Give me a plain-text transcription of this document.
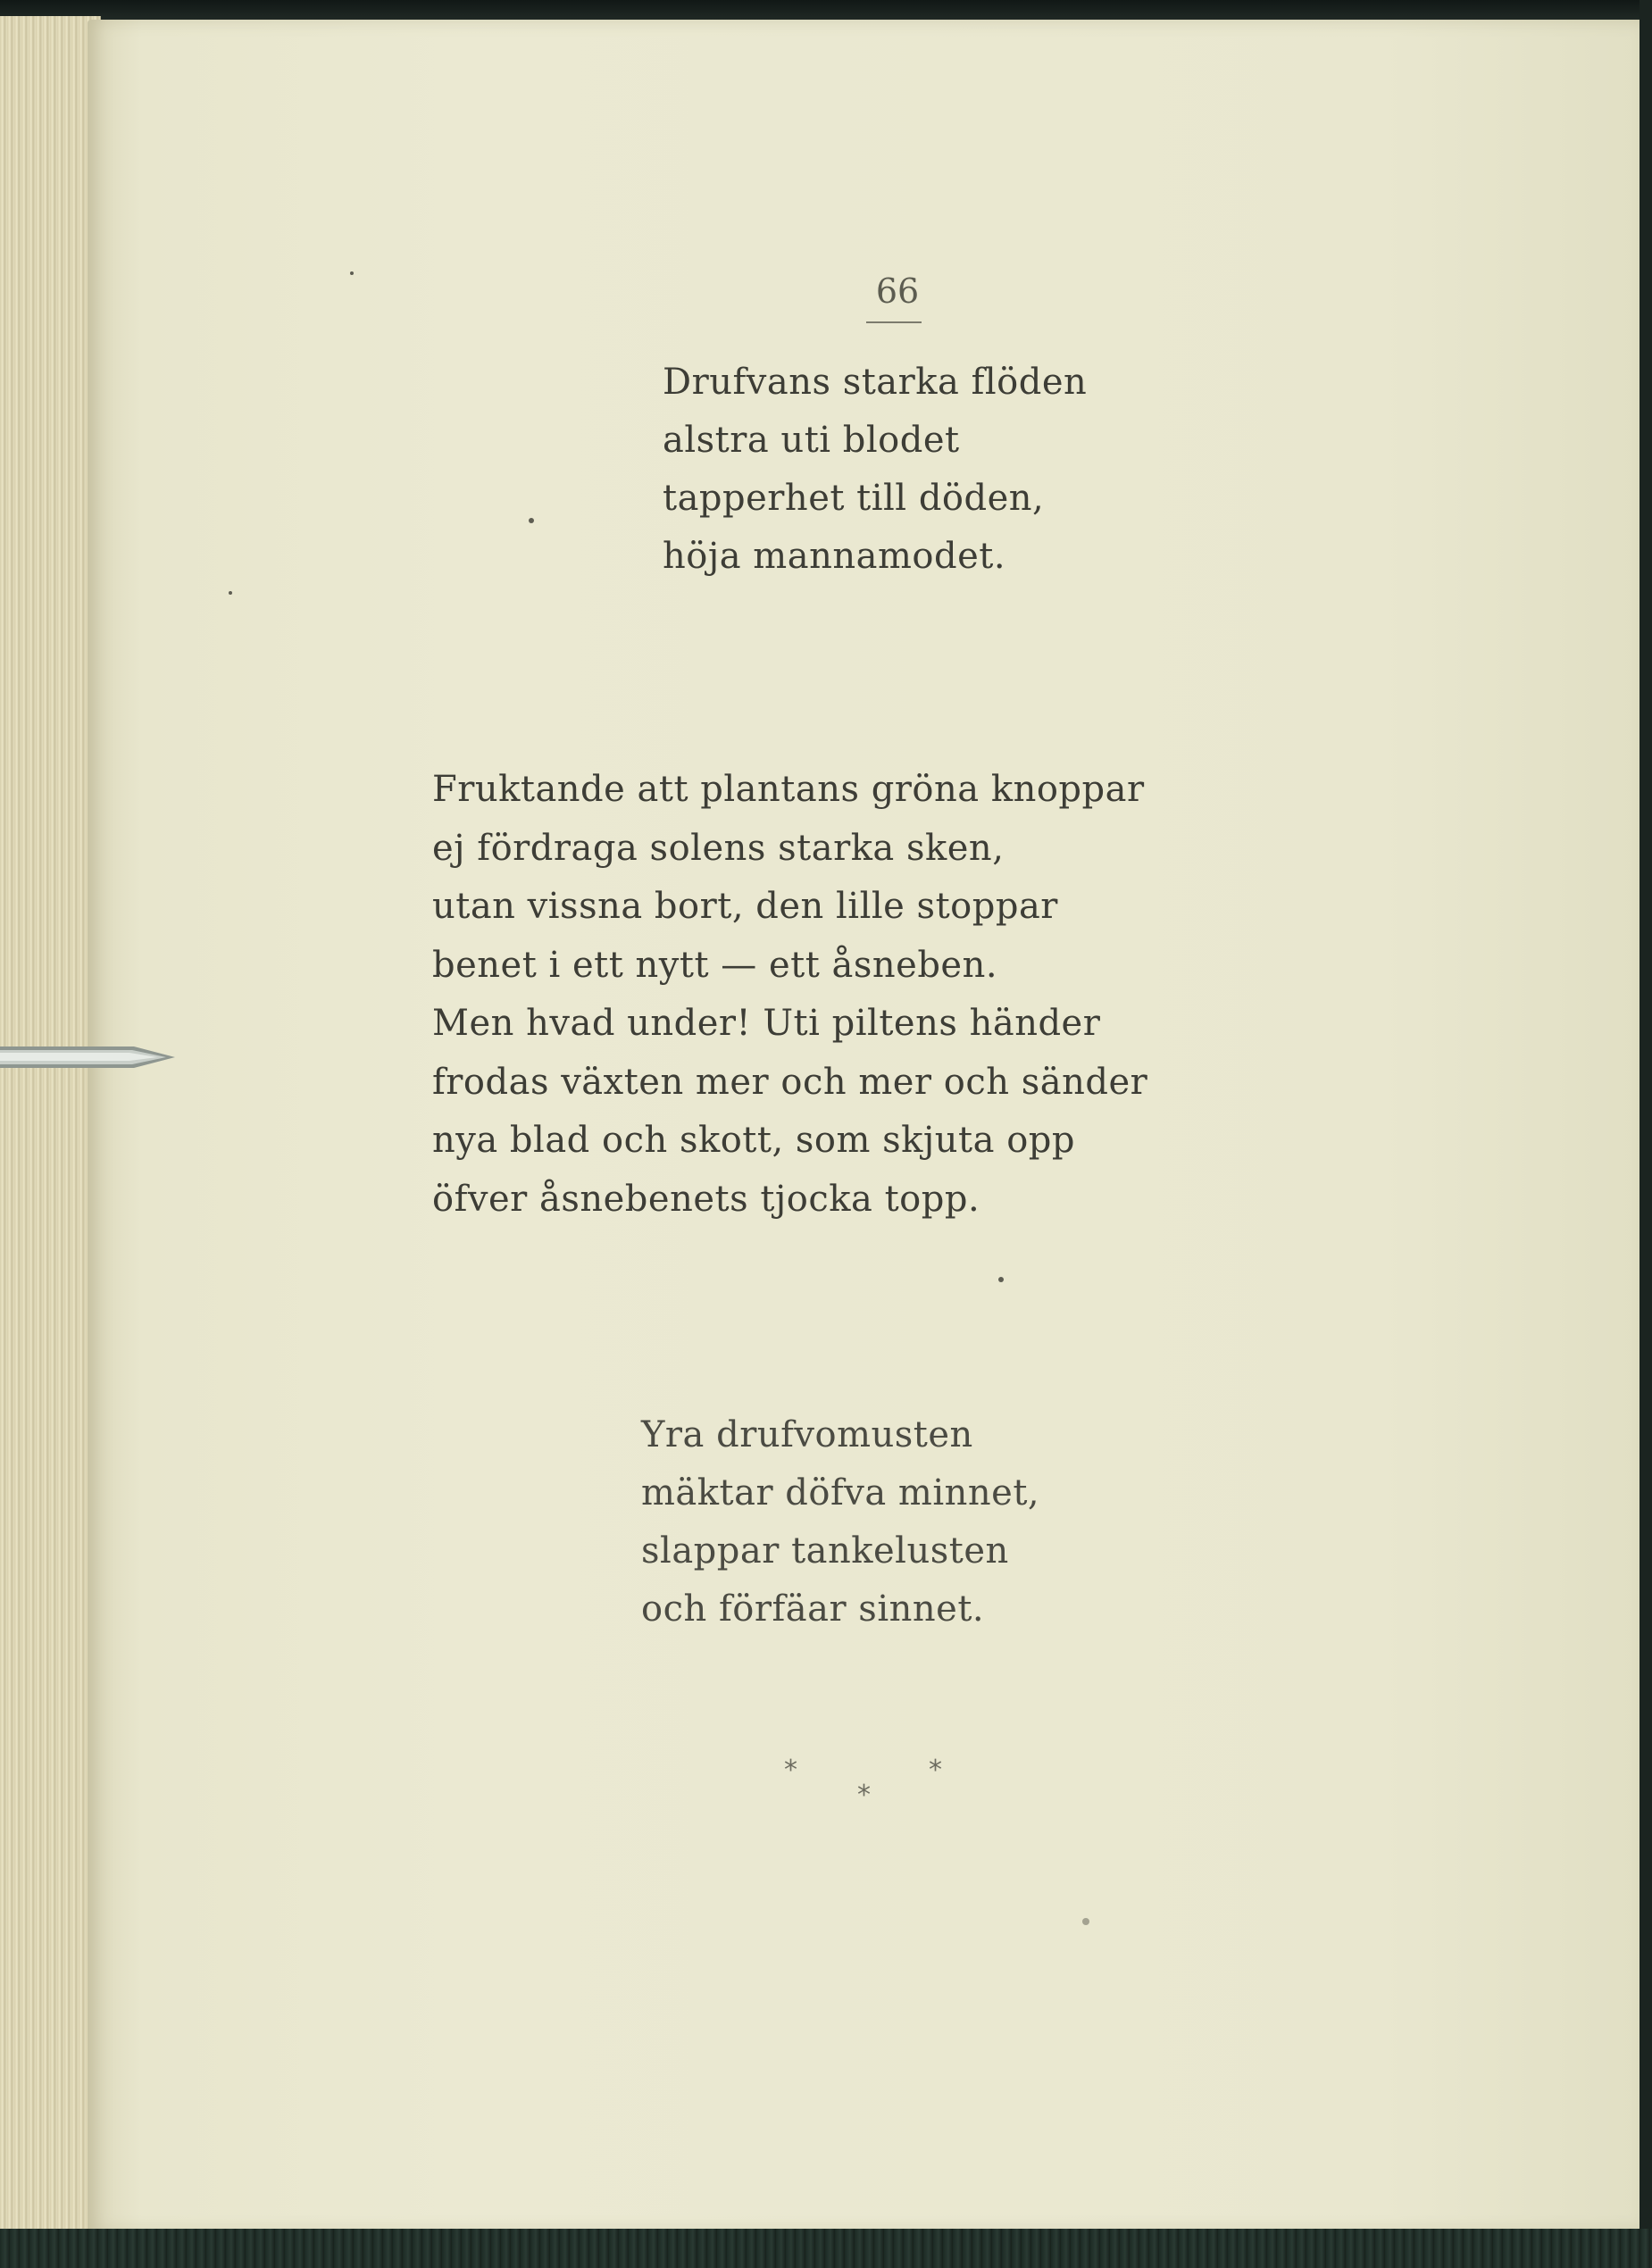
66
Drufvans starka flöden
alstra uti blodet
tapperhet till döden,
höja mannamodet.
Fruktande att plantans gröna knoppar
ej fördraga solens starka sken,
utan vissna bort, den lille stoppar
benet i ett nytt — ett åsneben.
Men hvad under! Uti piltens händer
frodas växten mer och mer och sänder
nya blad och skott, som skjuta opp
öfver åsnebenets tjocka topp.
Yra drufvomusten
mäktar döfva minnet,
slappar tankelusten
och förfäar sinnet.
*	*
*
